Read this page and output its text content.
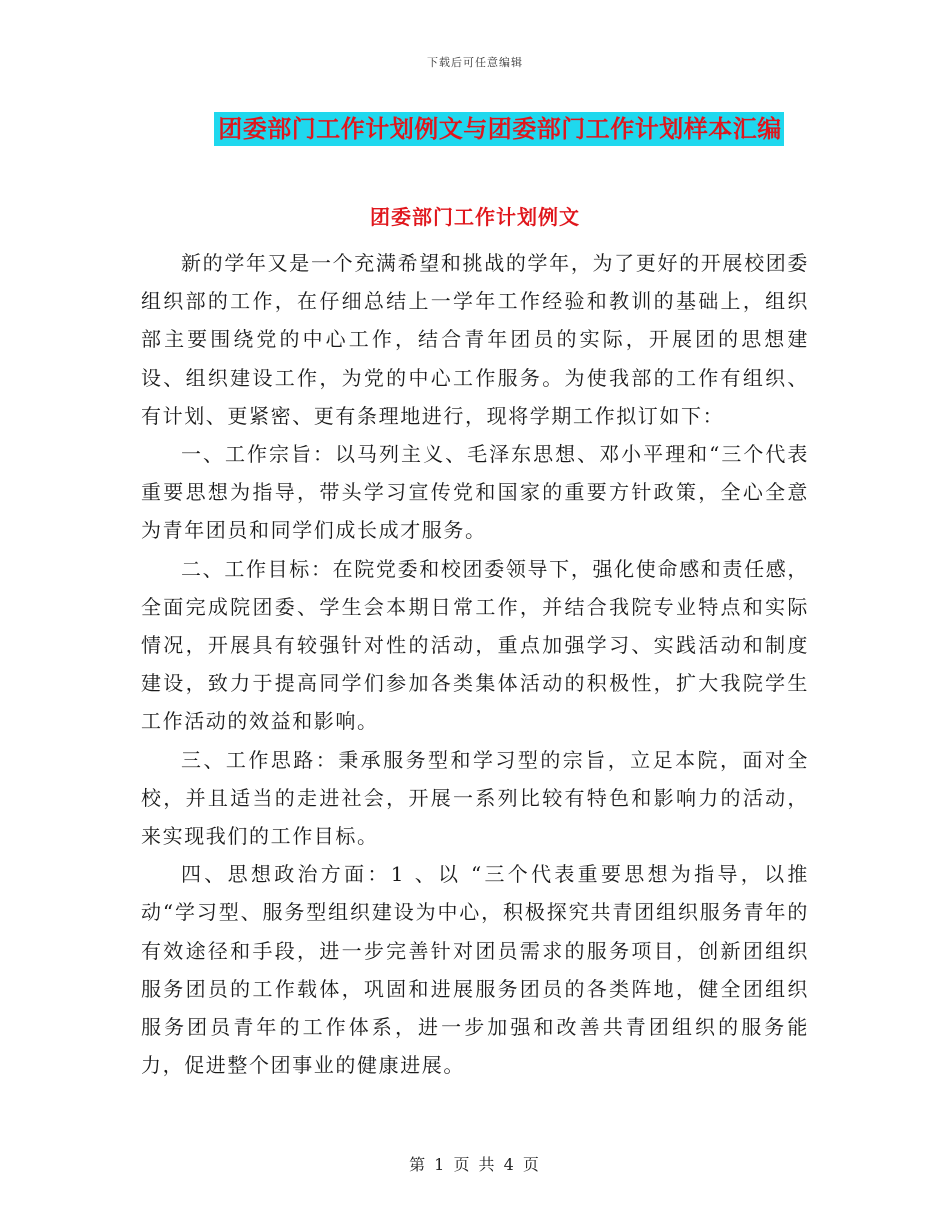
下载后可任意编辑
团委部门工作计划例文与团委部门工作计划样本汇编
团委部门工作计划例文

新的学年又是一个充满希望和挑战的学年，为了更好的开展校团委组织部的工作，在仔细总结上一学年工作经验和教训的基础上，组织部主要围绕党的中心工作，结合青年团员的实际，开展团的思想建设、组织建设工作，为党的中心工作服务。为使我部的工作有组织、有计划、更紧密、更有条理地进行，现将学期工作拟订如下：

一、工作宗旨：以马列主义、毛泽东思想、邓小平理和“三个代表重要思想为指导，带头学习宣传党和国家的重要方针政策，全心全意为青年团员和同学们成长成才服务。

二、工作目标：在院党委和校团委领导下，强化使命感和责任感，全面完成院团委、学生会本期日常工作，并结合我院专业特点和实际情况，开展具有较强针对性的活动，重点加强学习、实践活动和制度建设，致力于提高同学们参加各类集体活动的积极性，扩大我院学生工作活动的效益和影响。

三、工作思路：秉承服务型和学习型的宗旨，立足本院，面对全校，并且适当的走进社会，开展一系列比较有特色和影响力的活动，来实现我们的工作目标。

四、思想政治方面：1 、以 “三个代表重要思想为指导，以推动“学习型、服务型组织建设为中心，积极探究共青团组织服务青年的有效途径和手段，进一步完善针对团员需求的服务项目，创新团组织服务团员的工作载体，巩固和进展服务团员的各类阵地，健全团组织服务团员青年的工作体系，进一步加强和改善共青团组织的服务能力，促进整个团事业的健康进展。

第 1 页 共 4 页
